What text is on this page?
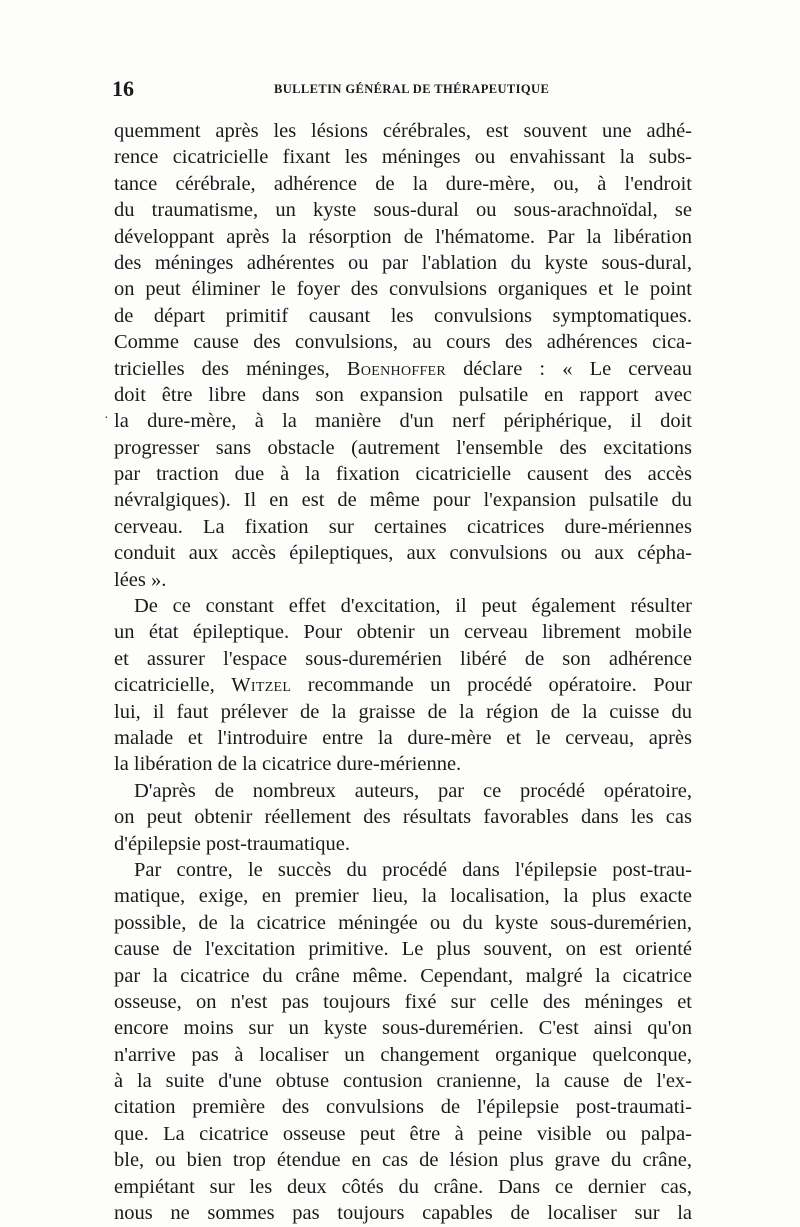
16	BULLETIN GÉNÉRAL DE THÉRAPEUTIQUE
·
quemment après les lésions cérébrales, est souvent une adhé-
rence cicatricielle fixant les méninges ou envahissant la subs-
tance cérébrale, adhérence de la dure-mère, ou, à l'endroit
du traumatisme, un kyste sous-dural ou sous-arachnoïdal, se
développant après la résorption de l'hématome. Par la libération
des méninges adhérentes ou par l'ablation du kyste sous-dural,
on peut éliminer le foyer des convulsions organiques et le point
de départ primitif causant les convulsions symptomatiques.
Comme cause des convulsions, au cours des adhérences cica-
tricielles des méninges, Boenhoffer déclare : « Le cerveau
doit être libre dans son expansion pulsatile en rapport avec
la dure-mère, à la manière d'un nerf périphérique, il doit
progresser sans obstacle (autrement l'ensemble des excitations
par traction due à la fixation cicatricielle causent des accès
névralgiques). Il en est de même pour l'expansion pulsatile du
cerveau. La fixation sur certaines cicatrices dure-mériennes
conduit aux accès épileptiques, aux convulsions ou aux cépha-
lées ».
De ce constant effet d'excitation, il peut également résulter
un état épileptique. Pour obtenir un cerveau librement mobile
et assurer l'espace sous-duremérien libéré de son adhérence
cicatricielle, Witzel recommande un procédé opératoire. Pour
lui, il faut prélever de la graisse de la région de la cuisse du
malade et l'introduire entre la dure-mère et le cerveau, après
la libération de la cicatrice dure-mérienne.
D'après de nombreux auteurs, par ce procédé opératoire,
on peut obtenir réellement des résultats favorables dans les cas
d'épilepsie post-traumatique.
Par contre, le succès du procédé dans l'épilepsie post-trau-
matique, exige, en premier lieu, la localisation, la plus exacte
possible, de la cicatrice méningée ou du kyste sous-duremérien,
cause de l'excitation primitive. Le plus souvent, on est orienté
par la cicatrice du crâne même. Cependant, malgré la cicatrice
osseuse, on n'est pas toujours fixé sur celle des méninges et
encore moins sur un kyste sous-duremérien. C'est ainsi qu'on
n'arrive pas à localiser un changement organique quelconque,
à la suite d'une obtuse contusion cranienne, la cause de l'ex-
citation première des convulsions de l'épilepsie post-traumati-
que. La cicatrice osseuse peut être à peine visible ou palpa-
ble, ou bien trop étendue en cas de lésion plus grave du crâne,
empiétant sur les deux côtés du crâne. Dans ce dernier cas,
nous ne sommes pas toujours capables de localiser sur la
